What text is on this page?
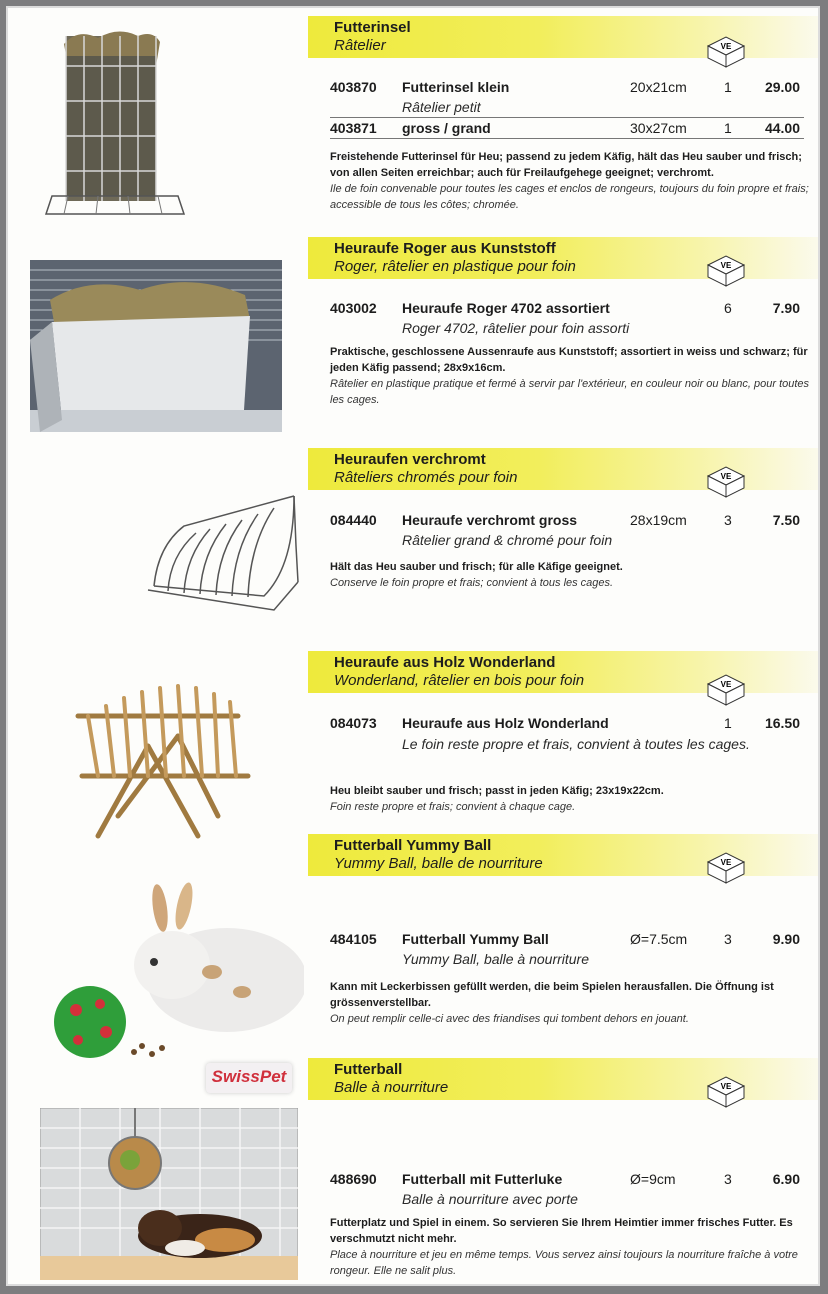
Futterinsel
Râtelier	VE
403870 Futterinsel klein	20x21cm	1	29.00
Râtelier petit
403871 gross / grand	30x27cm	1	44.00
Freistehende Futterinsel für Heu; passend zu jedem Käfig, hält das Heu sauber und frisch; von allen Seiten erreichbar; auch für Freilaufgehege geeignet; verchromt.
Ile de foin convenable pour toutes les cages et enclos de rongeurs, toujours du foin propre et frais; accessible de tous les côtes; chromée.
Heuraufe Roger aus Kunststoff
Roger, râtelier en plastique pour foin	VE
403002 Heuraufe Roger 4702 assortiert	6	7.90
Roger 4702, râtelier pour foin assorti
Praktische, geschlossene Aussenraufe aus Kunststoff; assortiert in weiss und schwarz; für jeden Käfig passend; 28x9x16cm.
Râtelier en plastique pratique et fermé à servir par l'extérieur, en couleur noir ou blanc, pour toutes les cages.
Heuraufen verchromt
Râteliers chromés pour foin	VE
084440 Heuraufe verchromt gross	28x19cm	3	7.50
Râtelier grand & chromé pour foin
Hält das Heu sauber und frisch; für alle Käfige geeignet.
Conserve le foin propre et frais; convient à tous les cages.
Heuraufe aus Holz Wonderland
Wonderland, râtelier en bois pour foin	VE
084073 Heuraufe aus Holz Wonderland	1	16.50
Le foin reste propre et frais, convient à toutes les cages.
Heu bleibt sauber und frisch; passt in jeden Käfig; 23x19x22cm.
Foin reste propre et frais; convient à chaque cage.
SwissPet
Futterball Yummy Ball
Yummy Ball, balle de nourriture	VE
484105 Futterball Yummy Ball	Ø=7.5cm	3	9.90
Yummy Ball, balle à nourriture
Kann mit Leckerbissen gefüllt werden, die beim Spielen herausfallen. Die Öffnung ist grössenverstellbar.
On peut remplir celle-ci avec des friandises qui tombent dehors en jouant.
Futterball
Balle à nourriture	VE
488690 Futterball mit Futterluke	Ø=9cm	3	6.90
Balle à nourriture avec porte
Futterplatz und Spiel in einem. So servieren Sie Ihrem Heimtier immer frisches Futter. Es verschmutzt nicht mehr.
Place à nourriture et jeu en même temps. Vous servez ainsi toujours la nourriture fraîche à votre rongeur. Elle ne salit plus.
